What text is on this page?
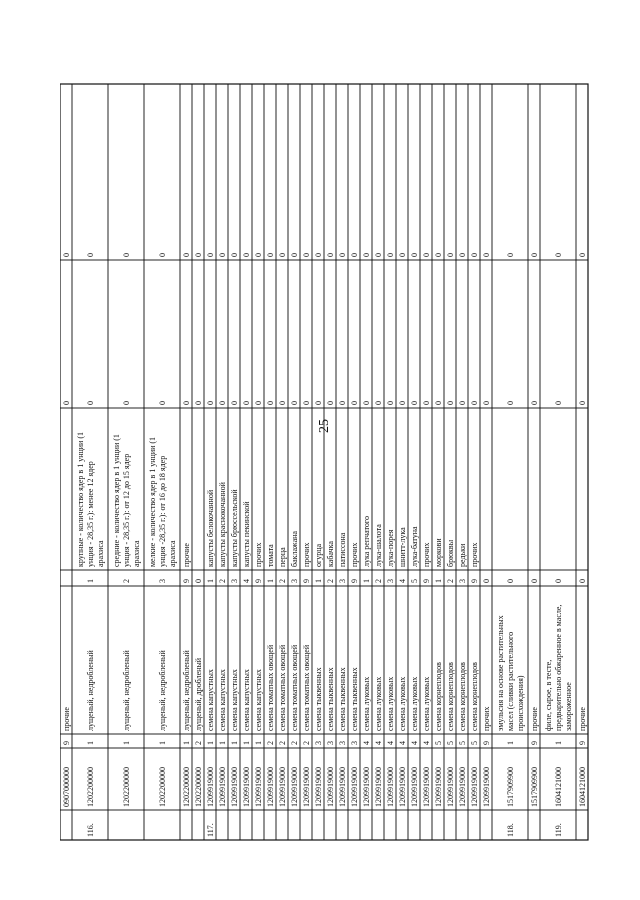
25
0907000000
9
прочие
0
0
116.
1202200000
1
лущеный, недробленый
1
крупные - количество ядер в 1 унции (1унция - 28,35 г.): менее 12 ядерарахиса
0
0
1202200000
1
лущеный, недробленый
2
средние - количество ядер в 1 унции (1унция - 28,35 г.): от 12 до 15 ядерарахиса
0
0
1202200000
1
лущеный, недробленый
3
мелкие - количество ядер в 1 унции (1унция -28,35 г.): от 16 до 18 ядерарахиса
0
0
1202200000
1
лущеный, недробленый
9
прочие
0
0
1202200000
2
лущеный, дробленый
0
0
0
117.
1209919000
1
семена капустных
1
капусты белокочанной
0
0
1209919000
1
семена капустных
2
капусты краснокочанной
0
0
1209919000
1
семена капустных
3
капусты брюссельской
0
0
1209919000
1
семена капустных
4
капусты пекинской
0
0
1209919000
1
семена капустных
9
прочих
0
0
1209919000
2
семена томатных овощей
1
томата
0
0
1209919000
2
семена томатных овощей
2
перца
0
0
1209919000
2
семена томатных овощей
3
баклажана
0
0
1209919000
2
семена томатных овощей
9
прочих
0
0
1209919000
3
семена тыквенных
1
огурца
0
0
1209919000
3
семена тыквенных
2
кабачка
0
0
1209919000
3
семена тыквенных
3
патиссона
0
0
1209919000
3
семена тыквенных
9
прочих
0
0
1209919000
4
семена луковых
1
лука репчатого
0
0
1209919000
4
семена луковых
2
лука-шалота
0
0
1209919000
4
семена луковых
3
лука-порея
0
0
1209919000
4
семена луковых
4
шнитт-лука
0
0
1209919000
4
семена луковых
5
лука-батуна
0
0
1209919000
4
семена луковых
9
прочих
0
0
1209919000
5
семена корнеплодов
1
моркови
0
0
1209919000
5
семена корнеплодов
2
брюквы
0
0
1209919000
5
семена корнеплодов
3
редьки
0
0
1209919000
5
семена корнеплодов
9
прочих
0
0
1209919000
9
прочих
0
0
0
118.
1517909900
1
эмульсия на основе растительныхмасел (сливки растительногопроисхождения)
0
0
0
1517909900
9
прочие
0
0
0
119.
1604121000
1
филе, сырое, в тесте,предварительно обжаренное в масле,замороженное
0
0
0
1604121000
9
прочие
0
0
0
